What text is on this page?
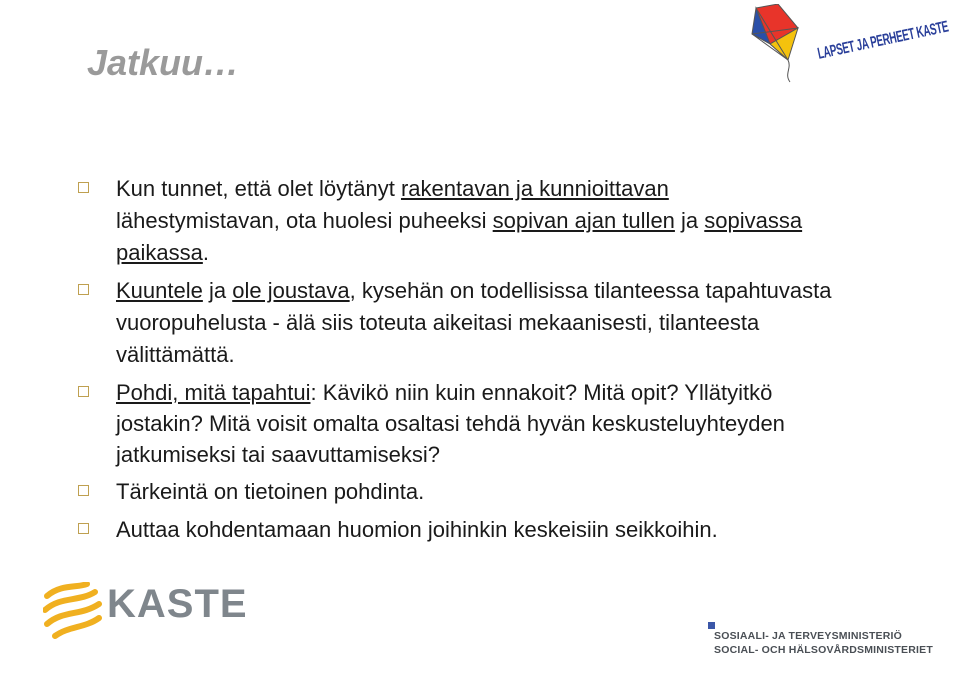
Jatkuu…	LAPSET JA PERHEET KASTE
Kun tunnet, että olet löytänyt rakentavan ja kunnioittavan lähestymistavan, ota huolesi puheeksi sopivan ajan tullen ja sopivassa paikassa.
Kuuntele ja ole joustava, kysehän on todellisissa tilanteessa tapahtuvasta vuoropuhelusta - älä siis toteuta aikeitasi mekaanisesti, tilanteesta välittämättä.
Pohdi, mitä tapahtui: Kävikö niin kuin ennakoit? Mitä opit? Yllätyitkö jostakin? Mitä voisit omalta osaltasi tehdä hyvän keskusteluyhteyden jatkumiseksi tai saavuttamiseksi?
Tärkeintä on tietoinen pohdinta.
Auttaa kohdentamaan huomion joihinkin keskeisiin seikkoihin.
KASTE
SOSIAALI- JA TERVEYSMINISTERIÖ
SOCIAL- OCH HÄLSOVÅRDSMINISTERIET
